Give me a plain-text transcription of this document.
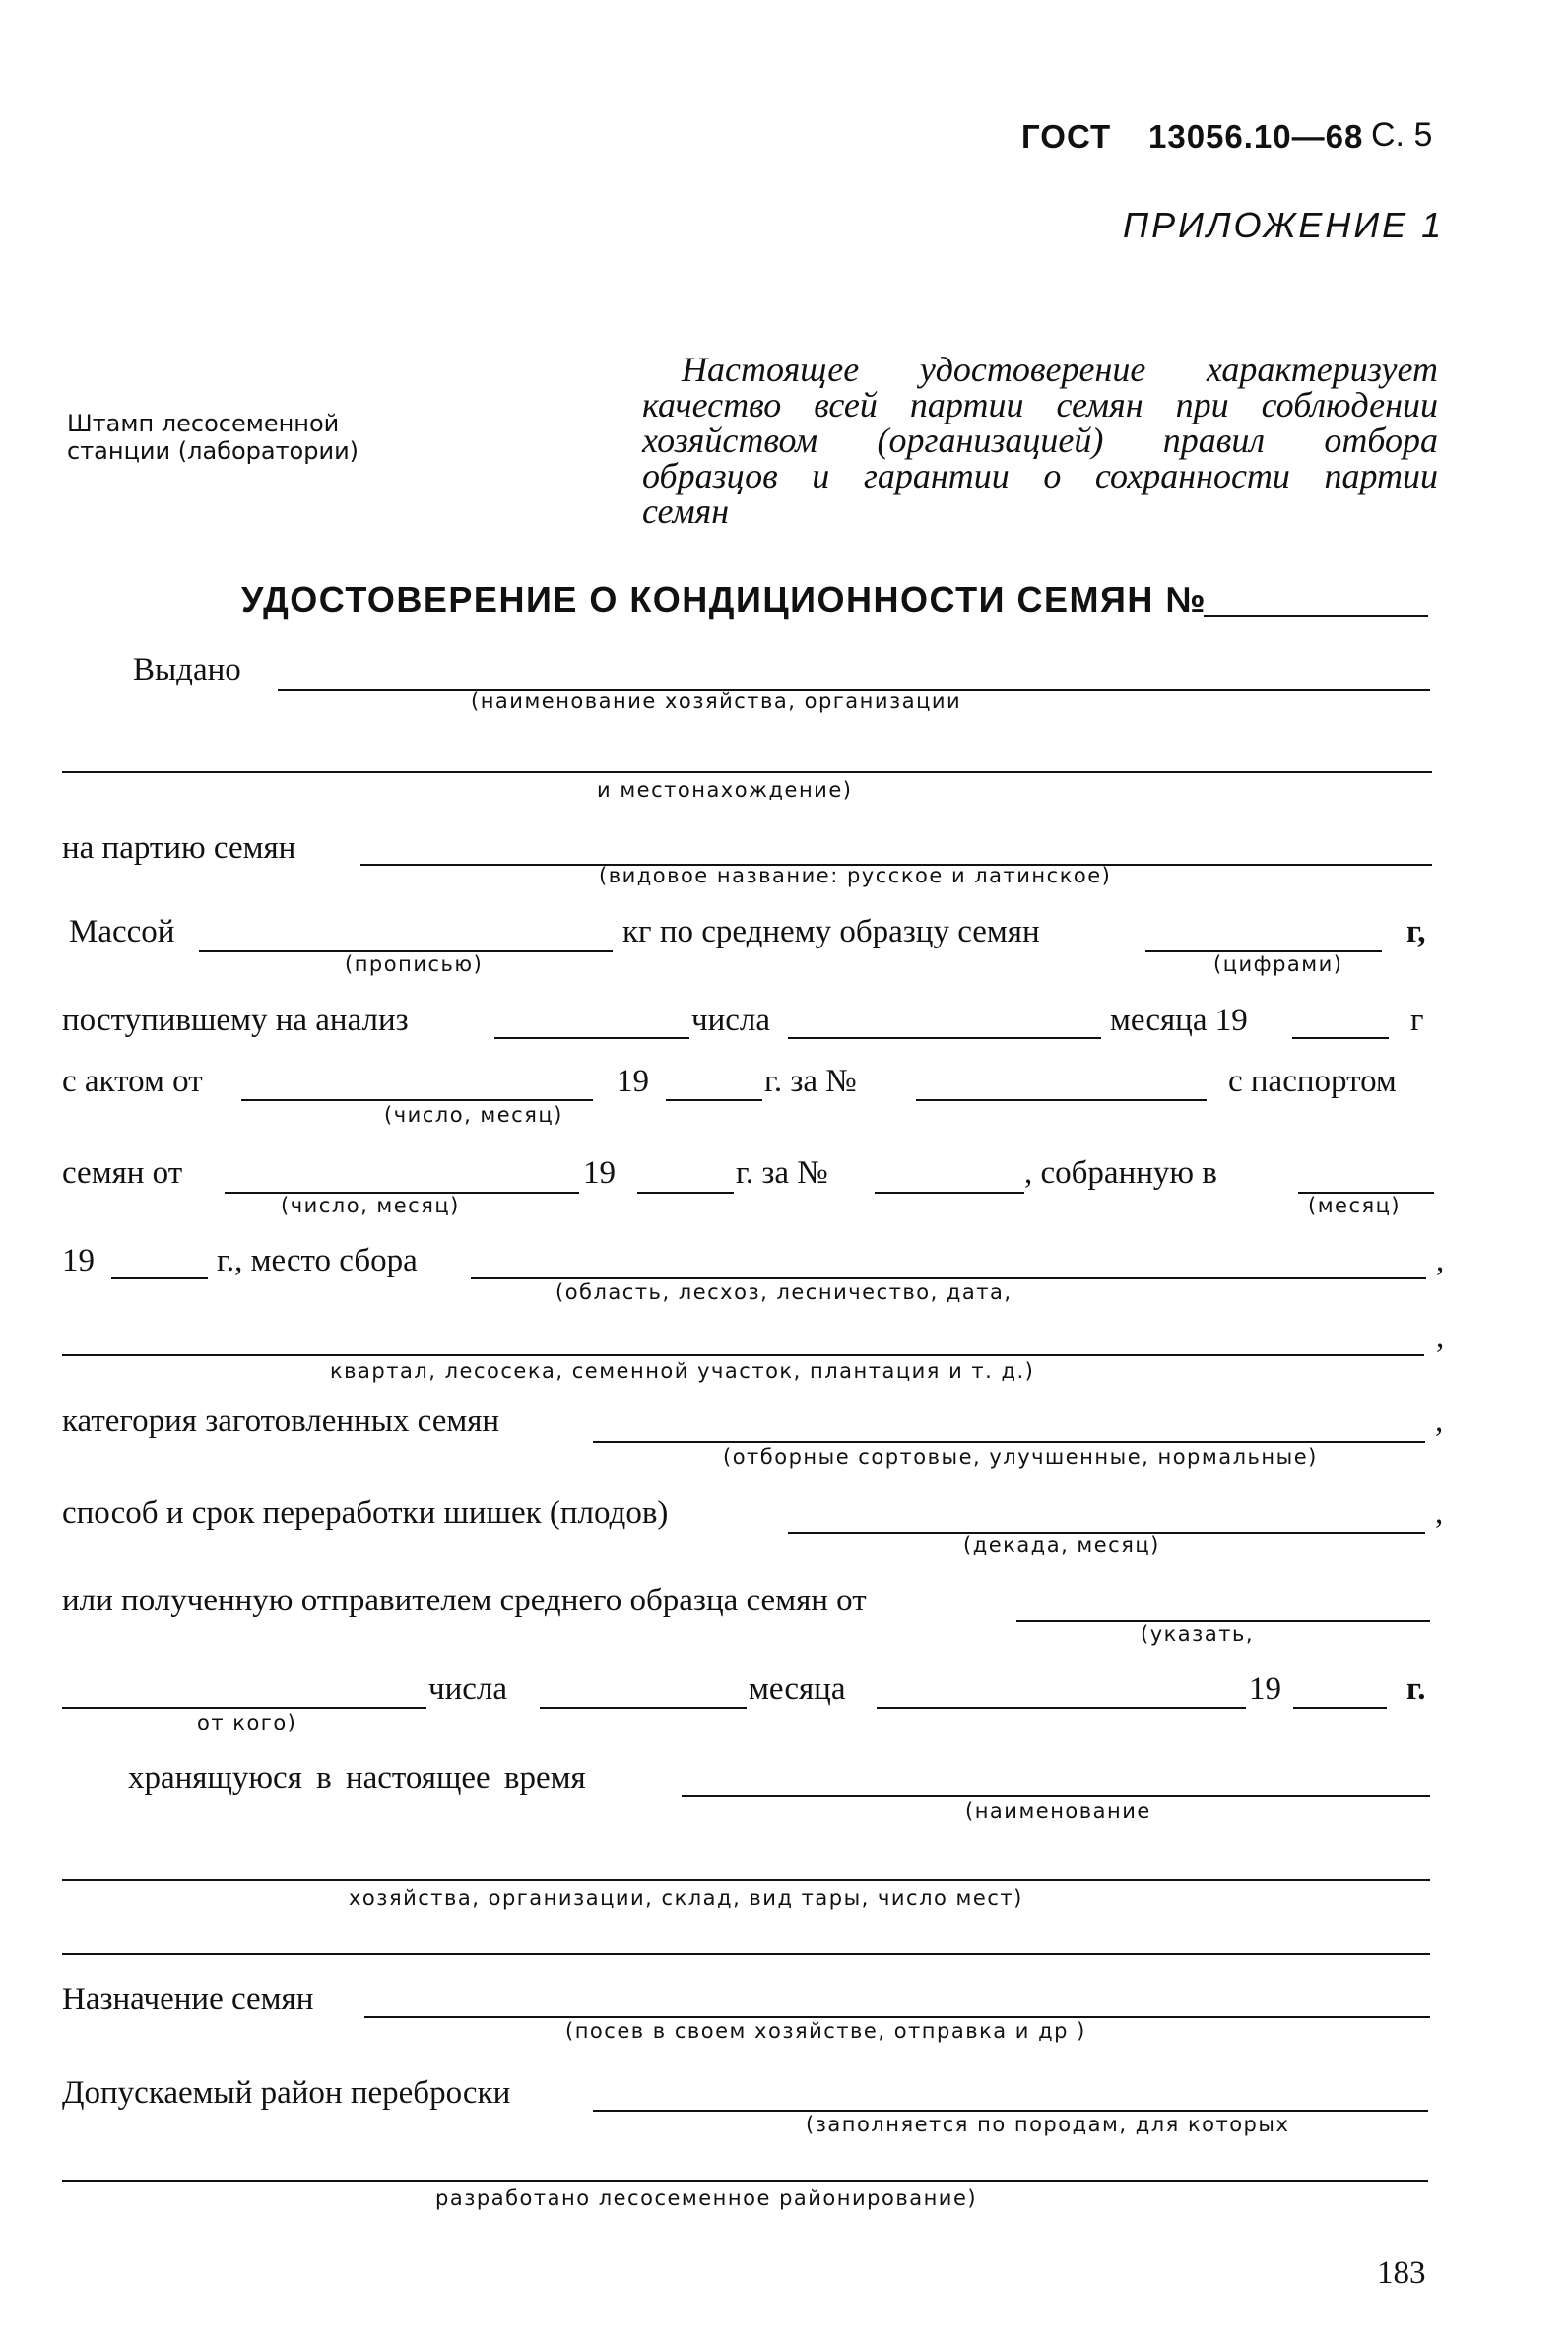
ГОСТ 13056.10—68 С. 5
ПРИЛОЖЕНИЕ 1
Штамп лесосеменной
станции (лаборатории)
Настоящее удостоверение характеризует
качество всей партии семян при соблюдении
хозяйством (организацией) правил отбора
образцов и гарантии о сохранности партии
семян
УДОСТОВЕРЕНИЕ О КОНДИЦИОННОСТИ СЕМЯН №
Выдано
(наименование хозяйства, организации
и местонахождение)
на партию семян
(видовое название: русское и латинское)
Массой
(прописью)
кг по среднему образцу семян
(цифрами)
г,
поступившему на анализ	числа	месяца 19	г
с актом от
(число, месяц)
19	г. за №	с паспортом
семян от
(число, месяц)
19	г. за №	, собранную в
(месяц)
19	г., место сбора	,
(область, лесхоз, лесничество, дата,
,
квартал, лесосека, семенной участок, плантация и т. д.)
категория заготовленных семян	,
(отборные сортовые, улучшенные, нормальные)
способ и срок переработки шишек (плодов)	,
(декада, месяц)
или полученную отправителем среднего образца семян от
(указать,
от кого)
числа	месяца	19	г.
хранящуюся в настоящее время
(наименование
хозяйства, организации, склад, вид тары, число мест)
Назначение семян
(посев в своем хозяйстве, отправка и др )
Допускаемый район переброски
(заполняется по породам, для которых
разработано лесосеменное районирование)
183
